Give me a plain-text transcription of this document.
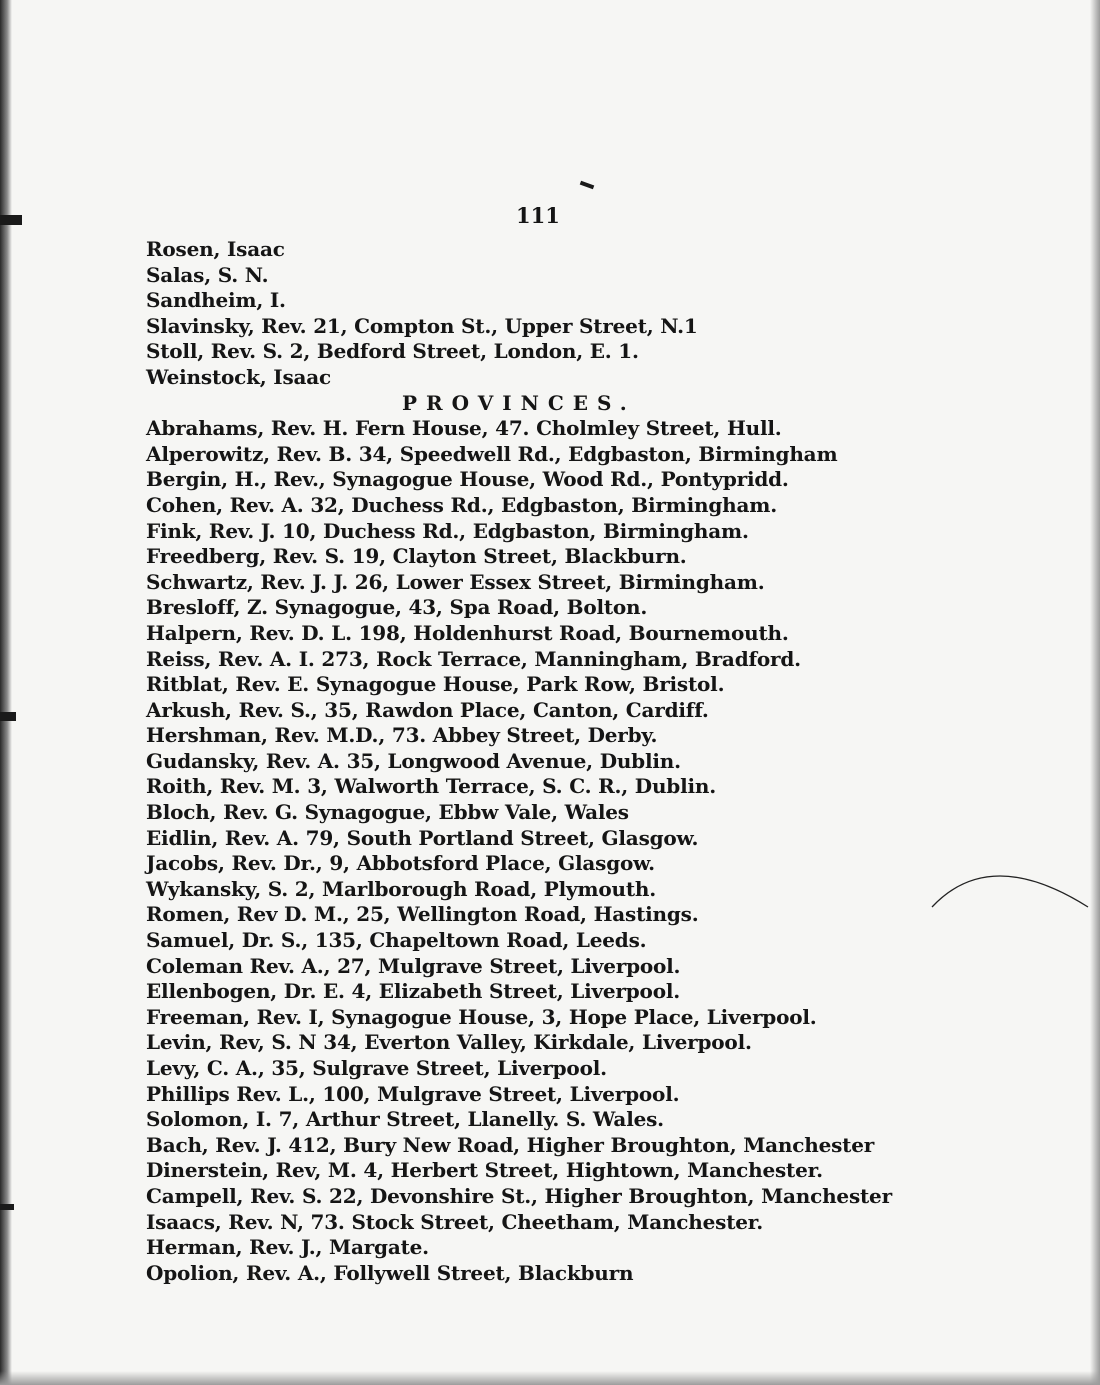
111
Rosen, Isaac
Salas, S. N.
Sandheim, I.
Slavinsky, Rev. 21, Compton St., Upper Street, N.1
Stoll, Rev. S. 2, Bedford Street, London, E. 1.
Weinstock, Isaac
PROVINCES.
Abrahams, Rev. H. Fern House, 47. Cholmley Street, Hull.
Alperowitz, Rev. B. 34, Speedwell Rd., Edgbaston, Birmingham
Bergin, H., Rev., Synagogue House, Wood Rd., Pontypridd.
Cohen, Rev. A. 32, Duchess Rd., Edgbaston, Birmingham.
Fink, Rev. J. 10, Duchess Rd., Edgbaston, Birmingham.
Freedberg, Rev. S. 19, Clayton Street, Blackburn.
Schwartz, Rev. J. J. 26, Lower Essex Street, Birmingham.
Bresloff, Z. Synagogue, 43, Spa Road, Bolton.
Halpern, Rev. D. L. 198, Holdenhurst Road, Bournemouth.
Reiss, Rev. A. I. 273, Rock Terrace, Manningham, Bradford.
Ritblat, Rev. E. Synagogue House, Park Row, Bristol.
Arkush, Rev. S., 35, Rawdon Place, Canton, Cardiff.
Hershman, Rev. M.D., 73. Abbey Street, Derby.
Gudansky, Rev. A. 35, Longwood Avenue, Dublin.
Roith, Rev. M. 3, Walworth Terrace, S. C. R., Dublin.
Bloch, Rev. G. Synagogue, Ebbw Vale, Wales
Eidlin, Rev. A. 79, South Portland Street, Glasgow.
Jacobs, Rev. Dr., 9, Abbotsford Place, Glasgow.
Wykansky, S. 2, Marlborough Road, Plymouth.
Romen, Rev D. M., 25, Wellington Road, Hastings.
Samuel, Dr. S., 135, Chapeltown Road, Leeds.
Coleman Rev. A., 27, Mulgrave Street, Liverpool.
Ellenbogen, Dr. E. 4, Elizabeth Street, Liverpool.
Freeman, Rev. I, Synagogue House, 3, Hope Place, Liverpool.
Levin, Rev, S. N 34, Everton Valley, Kirkdale, Liverpool.
Levy, C. A., 35, Sulgrave Street, Liverpool.
Phillips Rev. L., 100, Mulgrave Street, Liverpool.
Solomon, I. 7, Arthur Street, Llanelly. S. Wales.
Bach, Rev. J. 412, Bury New Road, Higher Broughton, Manchester
Dinerstein, Rev, M. 4, Herbert Street, Hightown, Manchester.
Campell, Rev. S. 22, Devonshire St., Higher Broughton, Manchester
Isaacs, Rev. N, 73. Stock Street, Cheetham, Manchester.
Herman, Rev. J., Margate.
Opolion, Rev. A., Follywell Street, Blackburn
